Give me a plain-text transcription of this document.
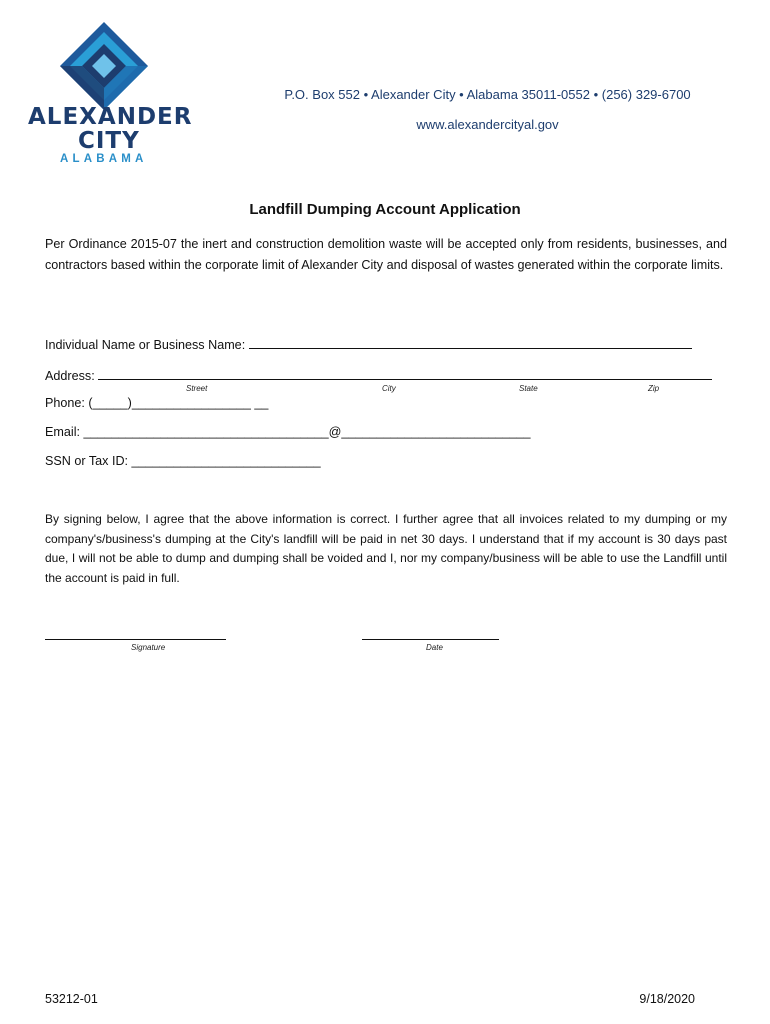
ALEXANDER
CITY
ALABAMA
P.O. Box 552 • Alexander City • Alabama 35011-0552 • (256) 329-6700
www.alexandercityal.gov
Landfill Dumping Account Application
Per Ordinance 2015-07 the inert and construction demolition waste will be accepted only from residents, businesses, and contractors based within the corporate limit of Alexander City and disposal of wastes generated within the corporate limits.
Individual Name or Business Name:
Address:
Street	City	State	Zip
Phone: (_____)_________________ __
Email: ___________________________________@___________________________
SSN or Tax ID: ___________________________
By signing below, I agree that the above information is correct. I further agree that all invoices related to my dumping or my company's/business's dumping at the City's landfill will be paid in net 30 days. I understand that if my account is 30 days past due, I will not be able to dump and dumping shall be voided and I, nor my company/business will be able to use the Landfill until the account is paid in full.
Signature	Date
53212-01	9/18/2020
